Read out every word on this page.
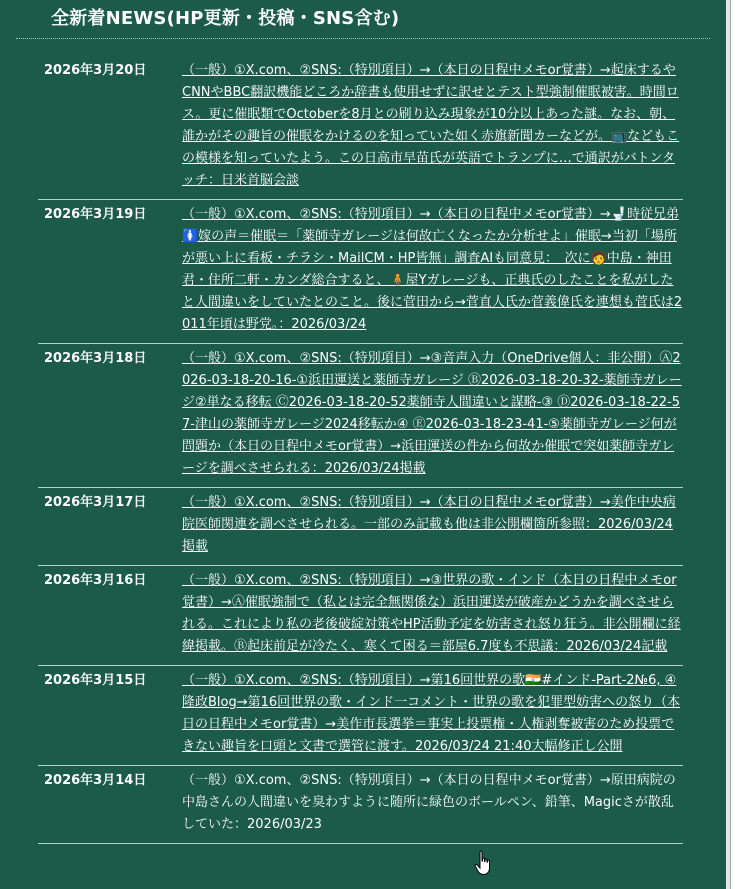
全新着NEWS(HP更新・投稿・SNS含む)
2026年3月20日	（一般）①X.com、②SNS:（特別項目）→（本日の日程中メモor覚書）→起床するやCNNやBBC翻訳機能どころか辞書も使用せずに訳せとテスト型強制催眠被害。時間ロス。更に催眠類でOctoberを8月との刷り込み現象が10分以上あった謎。なお、朝、誰かがその趣旨の催眠をかけるのを知っていた如く赤旗新聞カーなどが。📺などもこの模様を知っていたよう。この日高市早苗氏が英語でトランプに…で通訳がバトンタッチ：日米首脳会談
2026年3月19日	（一般）①X.com、②SNS:（特別項目）→（本日の日程中メモor覚書）→🚽時従兄弟🚺嫁の声＝催眠＝「薬師寺ガレージは何故亡くなったか分析せよ」催眠→当初「場所が悪い上に看板・チラシ・MailCM・HP皆無」調査AIも同意見：　次に🧑中島・神田君・住所二軒・カンダ総合すると、🧍屋Yガレージも、正典氏のしたことを私がしたと人間違いをしていたとのこと。後に菅田から→菅直人氏か菅義偉氏を連想も菅氏は2011年頃は野党。：2026/03/24
2026年3月18日	（一般）①X.com、②SNS:（特別項目）→③音声入力（OneDrive個人：非公開）Ⓐ2026-03-18-20-16-①浜田運送と薬師寺ガレージ Ⓑ2026-03-18-20-32-薬師寺ガレージ②単なる移転 Ⓒ2026-03-18-20-52薬師寺人間違いと謀略-③ Ⓓ2026-03-18-22-57-津山の薬師寺ガレージ2024移転か④ Ⓔ2026-03-18-23-41-⑤薬師寺ガレージ何が問題か（本日の日程中メモor覚書）→浜田運送の件から何故か催眠で突如薬師寺ガレージを調べさせられる：2026/03/24掲載
2026年3月17日	（一般）①X.com、②SNS:（特別項目）→（本日の日程中メモor覚書）→美作中央病院医師関連を調べさせられる。一部のみ記載も他は非公開欄箇所参照：2026/03/24掲載
2026年3月16日	（一般）①X.com、②SNS:（特別項目）→③世界の歌・インド（本日の日程中メモor覚書）→Ⓐ催眠強制で（私とは完全無関係な）浜田運送が破産かどうかを調べさせられる。これにより私の老後破綻対策やHP活動予定を妨害され怒り狂う。非公開欄に経緯掲載。Ⓑ起床前足が冷たく、寒くて困る＝部屋6.7度も不思議：2026/03/24記載
2026年3月15日	（一般）①X.com、②SNS:（特別項目）→第16回世界の歌🇮🇳#インド-Part-2№6, ④隆政Blog→第16回世界の歌・インド一コメント・世界の歌を犯罪型妨害への怒り（本日の日程中メモor覚書）→美作市長選挙＝事実上投票権・人権剥奪被害のため投票できない趣旨を口頭と文書で選管に渡す。2026/03/24 21:40大幅修正し公開
2026年3月14日	（一般）①X.com、②SNS:（特別項目）→（本日の日程中メモor覚書）→原田病院の中島さんの人間違いを臭わすように随所に緑色のボールペン、鉛筆、Magicさが散乱していた：2026/03/23
